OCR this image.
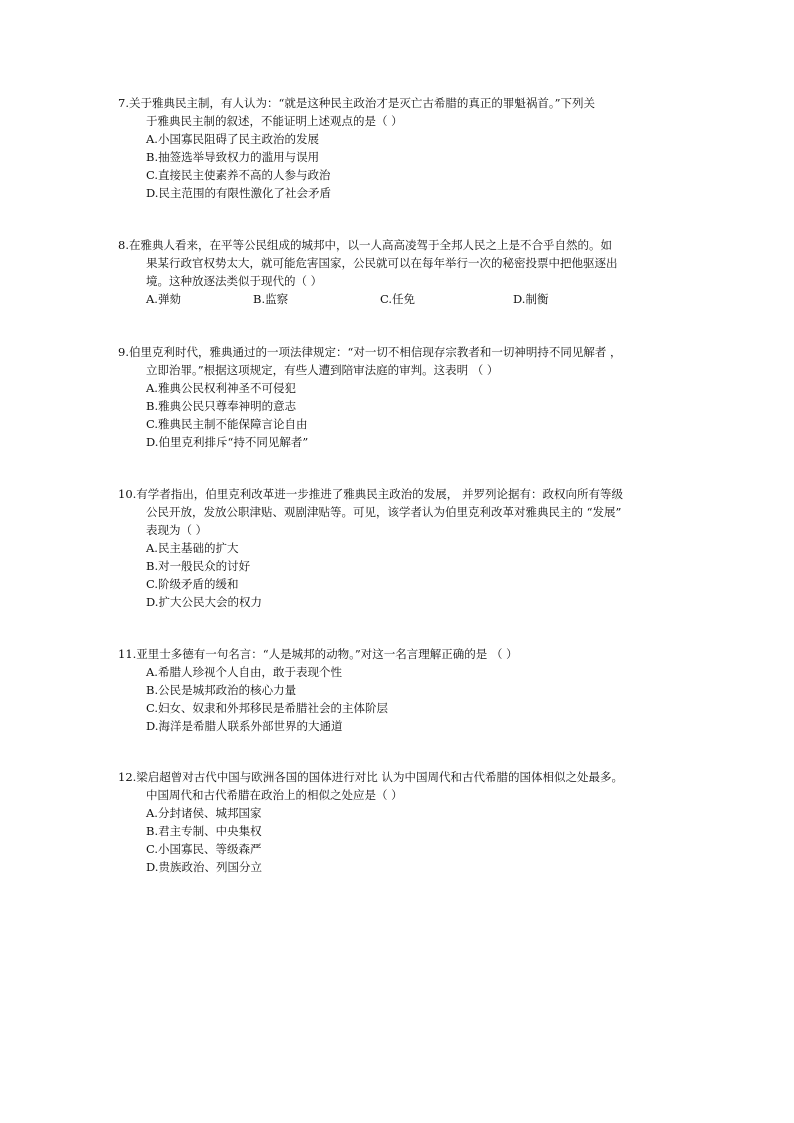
7.关于雅典民主制，有人认为：“就是这种民主政治才是灭亡古希腊的真正的罪魁祸首。”下列关
于雅典民主制的叙述，不能证明上述观点的是（ ）
A.小国寡民阻碍了民主政治的发展
B.抽签选举导致权力的滥用与误用
C.直接民主使素养不高的人参与政治
D.民主范围的有限性激化了社会矛盾
8.在雅典人看来，在平等公民组成的城邦中，以一人高高凌驾于全邦人民之上是不合乎自然的。如
果某行政官权势太大，就可能危害国家，公民就可以在每年举行一次的秘密投票中把他驱逐出
境。这种放逐法类似于现代的（ ）
A.弹劾	B.监察	C.任免	D.制衡
9.伯里克利时代，雅典通过的一项法律规定：“对一切不相信现存宗教者和一切神明持不同见解者 ，
立即治罪。”根据这项规定，有些人遭到陪审法庭的审判。这表明 （ ）
A.雅典公民权利神圣不可侵犯
B.雅典公民只尊奉神明的意志
C.雅典民主制不能保障言论自由
D.伯里克利排斥“持不同见解者”
10.有学者指出，伯里克利改革进一步推进了雅典民主政治的发展， 并罗列论据有：政权向所有等级
公民开放，发放公职津贴、观剧津贴等。可见，该学者认为伯里克利改革对雅典民主的 “发展”
表现为（ ）
A.民主基础的扩大
B.对一般民众的讨好
C.阶级矛盾的缓和
D.扩大公民大会的权力
11.亚里士多德有一句名言：“人是城邦的动物。”对这一名言理解正确的是 （ ）
A.希腊人珍视个人自由，敢于表现个性
B.公民是城邦政治的核心力量
C.妇女、奴隶和外邦移民是希腊社会的主体阶层
D.海洋是希腊人联系外部世界的大通道
12.梁启超曾对古代中国与欧洲各国的国体进行对比 认为中国周代和古代希腊的国体相似之处最多。
中国周代和古代希腊在政治上的相似之处应是（ ）
A.分封诸侯、城邦国家
B.君主专制、中央集权
C.小国寡民、等级森严
D.贵族政治、列国分立
